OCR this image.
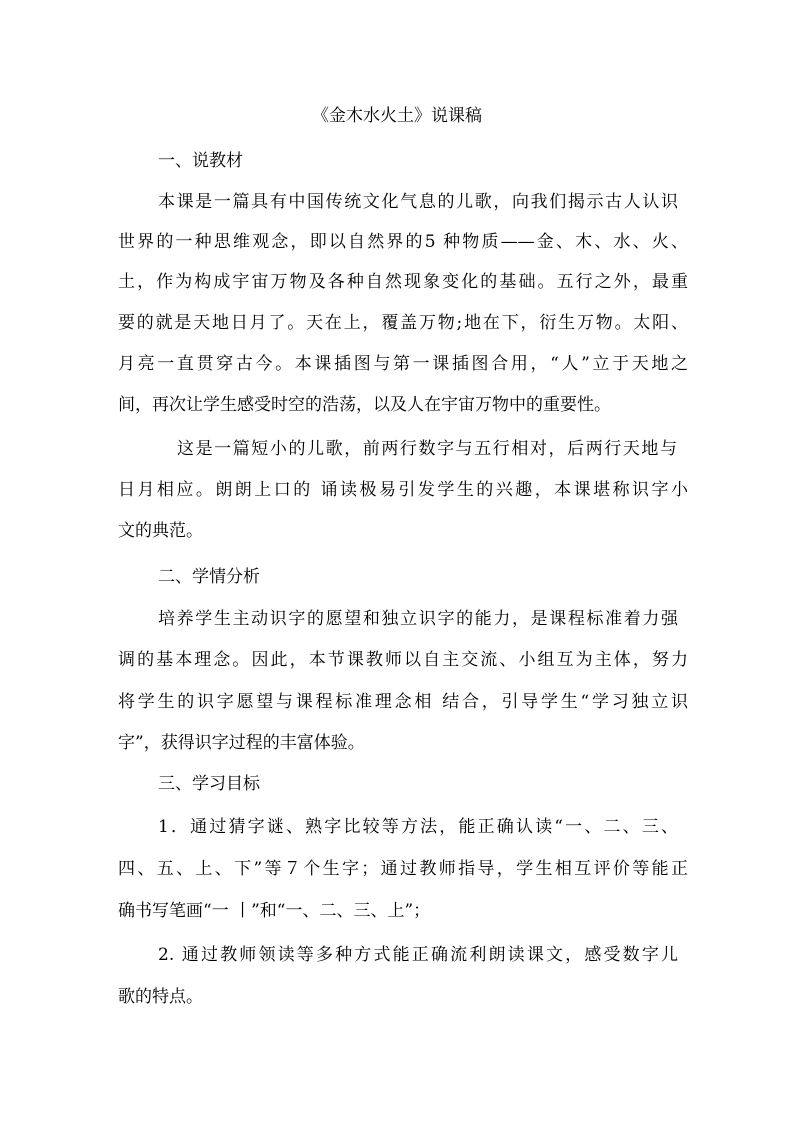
《金木水火土》说课稿
一、说教材
本课是一篇具有中国传统文化气息的儿歌，向我们揭示古人认识
世界的一种思维观念，即以自然界的5 种物质——金、木、水、火、
土，作为构成宇宙万物及各种自然现象变化的基础。五行之外，最重
要的就是天地日月了。天在上，覆盖万物;地在下，衍生万物。太阳、
月亮一直贯穿古今。本课插图与第一课插图合用，“人”立于天地之
间，再次让学生感受时空的浩荡，以及人在宇宙万物中的重要性。
这是一篇短小的儿歌，前两行数字与五行相对，后两行天地与
日月相应。朗朗上口的 诵读极易引发学生的兴趣，本课堪称识字小
文的典范。
二、学情分析
培养学生主动识字的愿望和独立识字的能力，是课程标准着力强
调的基本理念。因此，本节课教师以自主交流、小组互为主体，努力
将学生的识字愿望与课程标准理念相 结合，引导学生“学习独立识
字”，获得识字过程的丰富体验。
三、学习目标
1．通过猜字谜、熟字比较等方法，能正确认读“一、二、三、
四、五、上、下”等７个生字；通过教师指导，学生相互评价等能正
确书写笔画“一 丨”和“一、二、三、上”；
2. 通过教师领读等多种方式能正确流利朗读课文，感受数字儿
歌的特点。
